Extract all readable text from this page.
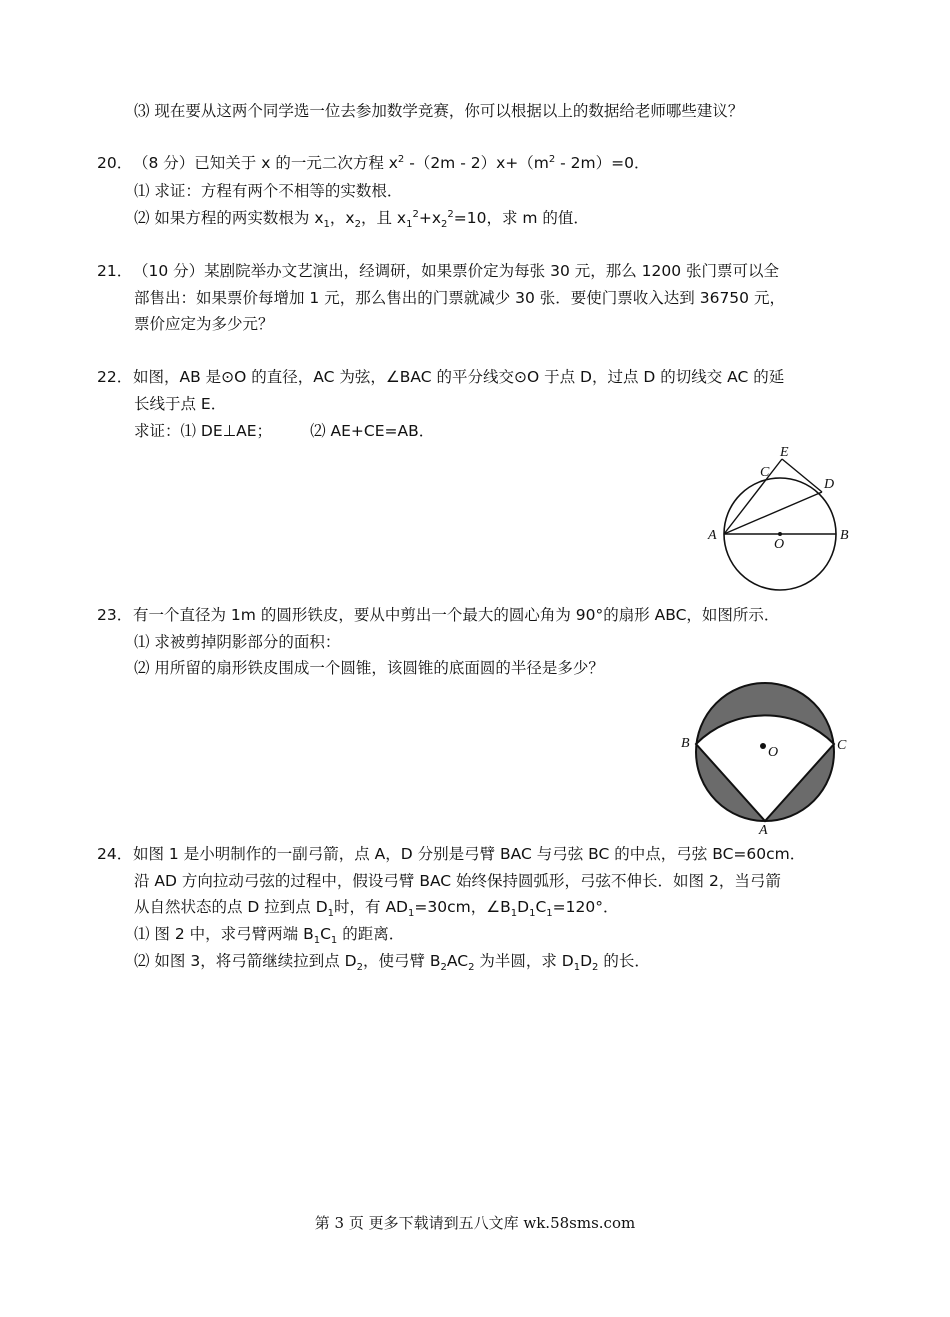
⑶ 现在要从这两个同学选一位去参加数学竞赛，你可以根据以上的数据给老师哪些建议？
20．（8 分）已知关于 x 的一元二次方程 $x^2$ $-(2m - 2)x+(m^2 - 2m)=0$．
⑴ 求证：方程有两个不相等的实数根．
⑵ 如果方程的两实数根为 $x_1$，$x_2$，且 $x_1^2+x_2^2=10$，求 m 的值．
21．（10 分）某剧院举办文艺演出，经调研，如果票价定为每张 30 元，那么 1200 张门票可以全
部售出：如果票价每增加 1 元，那么售出的门票就减少 30 张．要使门票收入达到 36750 元，
票价应定为多少元？
22．如图，AB 是⊙O 的直径，AC 为弦，∠BAC 的平分线交⊙O 于点 D，过点 D 的切线交 AC 的延
长线于点 E．
求证：⑴ DE⊥AE； ⑵ AE+CE=AB．
A	B
C
D
E
O
23．有一个直径为 1m 的圆形铁皮，要从中剪出一个最大的圆心角为 90°的扇形 ABC，如图所示．
⑴ 求被剪掉阴影部分的面积：
⑵ 用所留的扇形铁皮围成一个圆锥，该圆锥的底面圆的半径是多少？
B	C
A
O
24．如图 1 是小明制作的一副弓箭，点 A，D 分别是弓臂 BAC 与弓弦 BC 的中点，弓弦 BC=60cm．
沿 AD 方向拉动弓弦的过程中，假设弓臂 BAC 始终保持圆弧形，弓弦不伸长．如图 2，当弓箭
从自然状态的点 D 拉到点 $D_1$时，有 $AD_1=30cm$，$\angle B_1D_1C_1=120^\circ$．
⑴ 图 2 中，求弓臂两端 $B_1C_1$ 的距离．
⑵ 如图 3，将弓箭继续拉到点 $D_2$，使弓臂 $B_2AC_2$ 为半圆，求 $D_1D_2$ 的长．
第 3 页 更多下载请到五八文库 wk.58sms.com
